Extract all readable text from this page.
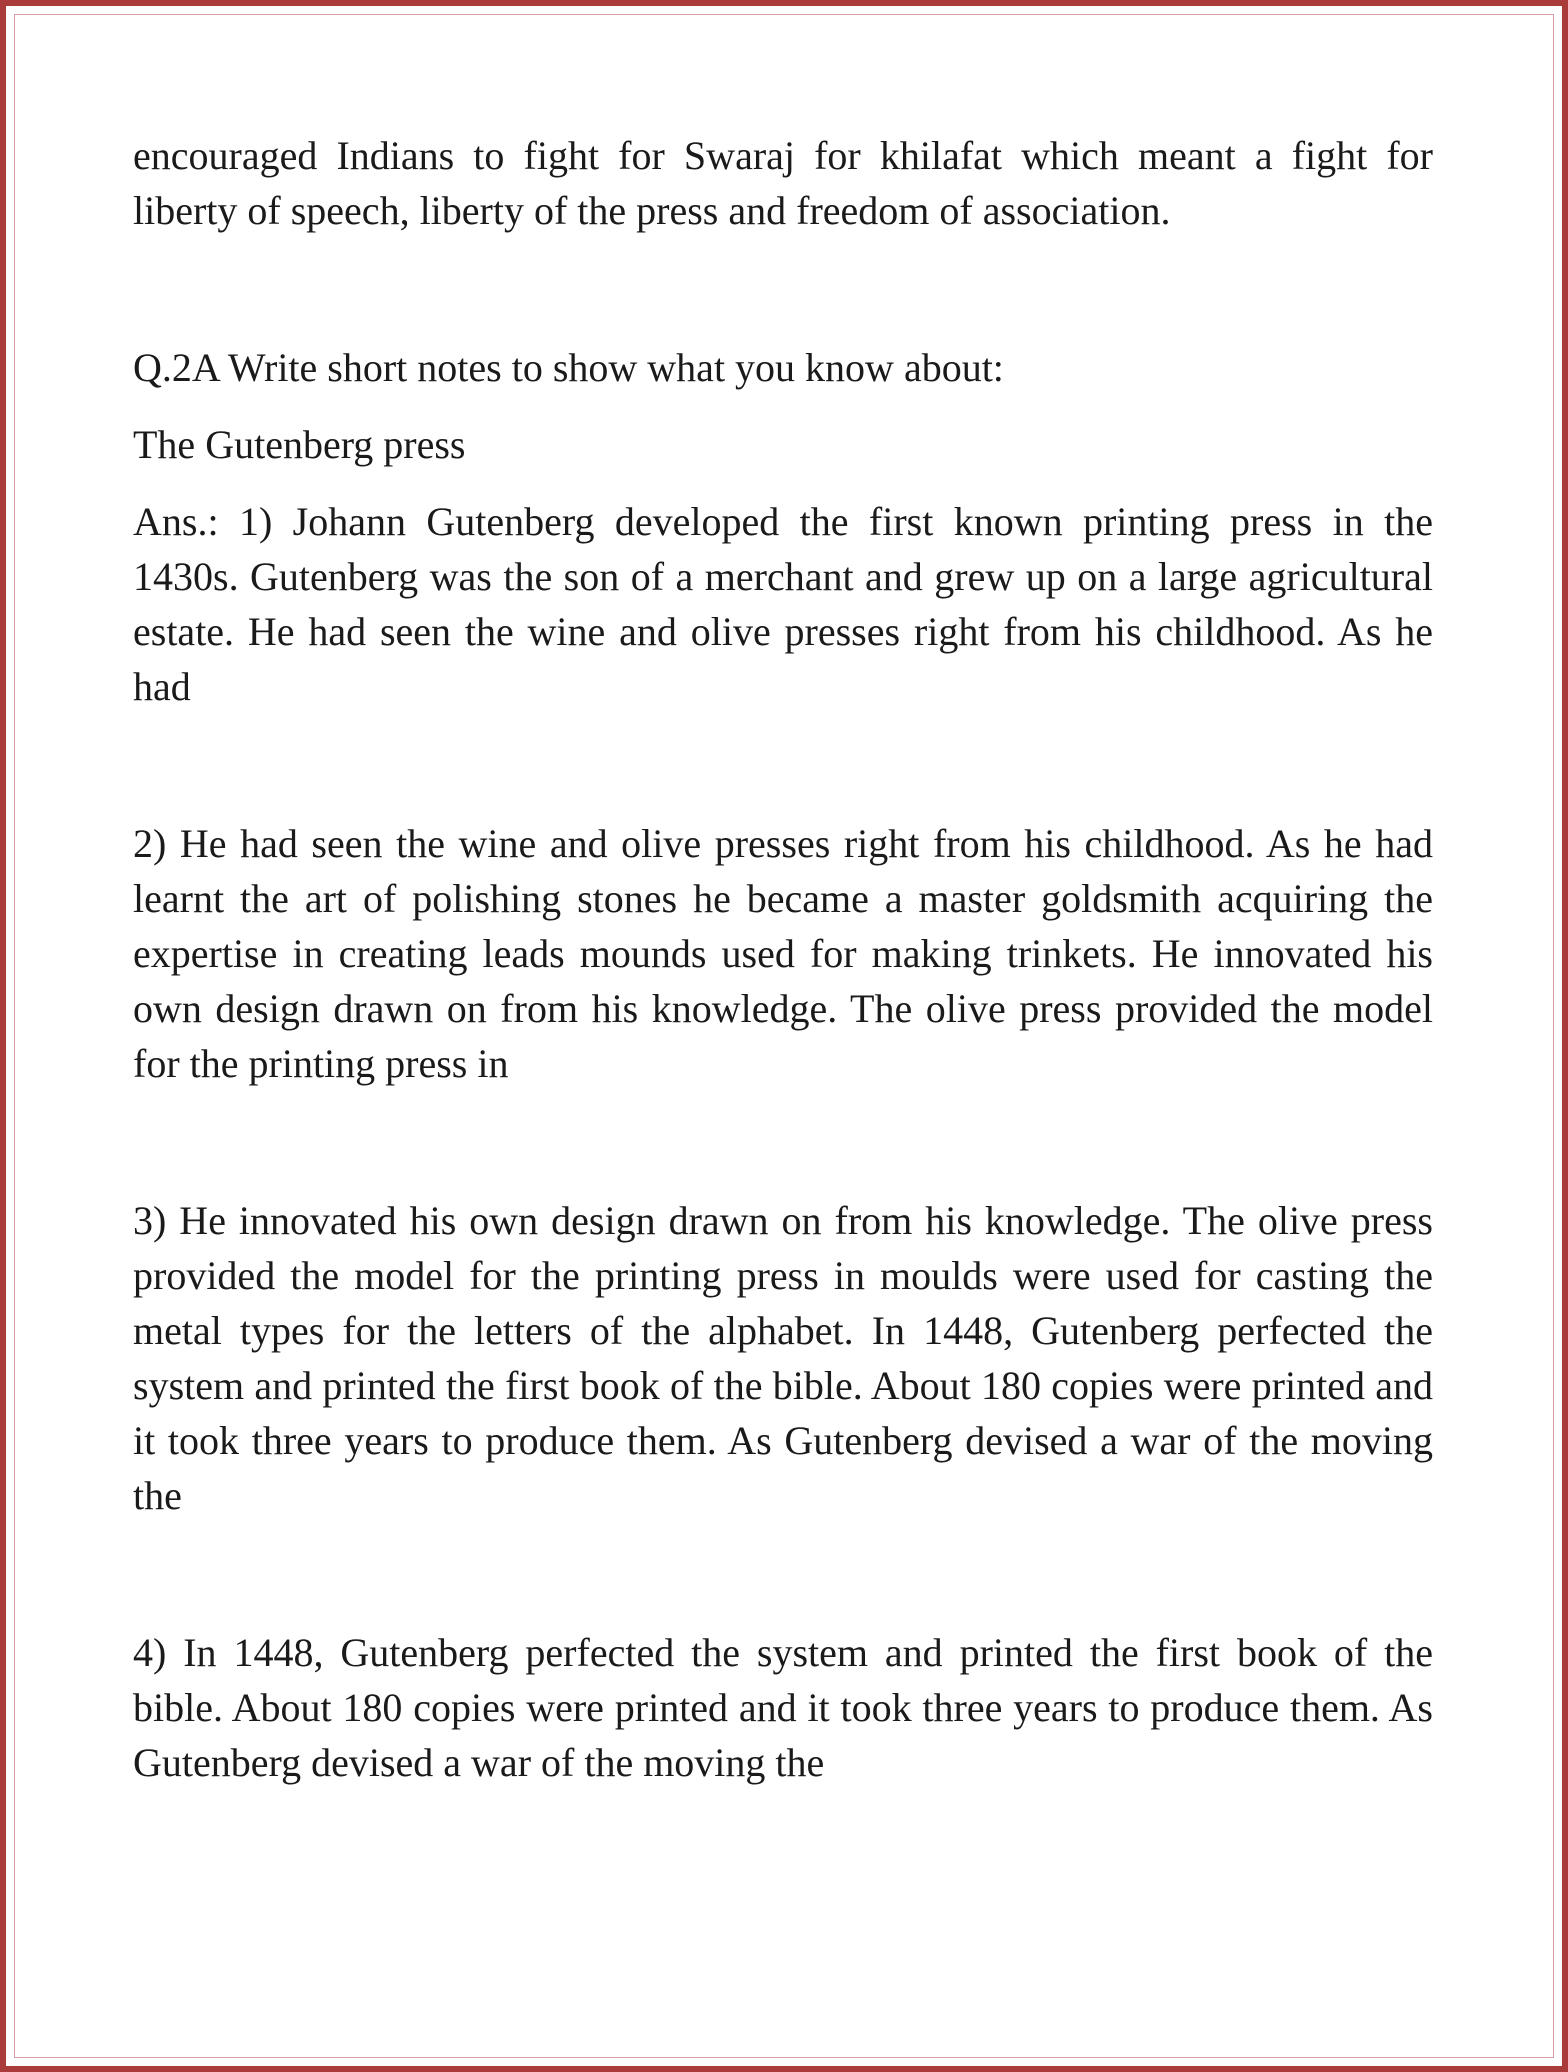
encouraged Indians to fight for Swaraj for khilafat which meant a fight for liberty of speech, liberty of the press and freedom of association.

Q.2A Write short notes to show what you know about:

The Gutenberg press

Ans.: 1) Johann Gutenberg developed the first known printing press in the 1430s. Gutenberg was the son of a merchant and grew up on a large agricultural estate. He had seen the wine and olive presses right from his childhood. As he had

2) He had seen the wine and olive presses right from his childhood. As he had learnt the art of polishing stones he became a master goldsmith acquiring the expertise in creating leads mounds used for making trinkets. He innovated his own design drawn on from his knowledge. The olive press provided the model for the printing press in

3) He innovated his own design drawn on from his knowledge. The olive press provided the model for the printing press in moulds were used for casting the metal types for the letters of the alphabet. In 1448, Gutenberg perfected the system and printed the first book of the bible. About 180 copies were printed and it took three years to produce them. As Gutenberg devised a war of the moving the

4) In 1448, Gutenberg perfected the system and printed the first book of the bible. About 180 copies were printed and it took three years to produce them. As Gutenberg devised a war of the moving the
